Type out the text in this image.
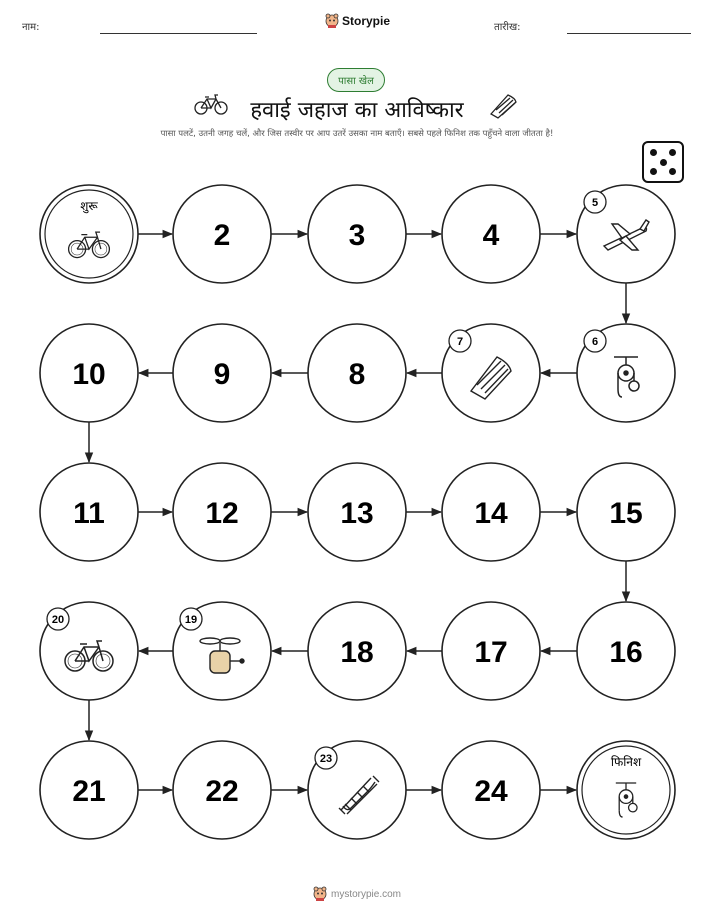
नाम:	Storypie	तारीख:
पासा खेल
हवाई जहाज का आविष्कार
पासा पलटें, उतनी जगह चलें, और जिस तस्वीर पर आप उतरें उसका नाम बताएँ। सबसे पहले फिनिश तक पहुँचने वाला जीतता है!
शुरू
2	3	4
5
6
7
8
9
10
11	12	13	14	15
16
17
18
19
20
21	22
23
24
फिनिश
mystorypie.com
